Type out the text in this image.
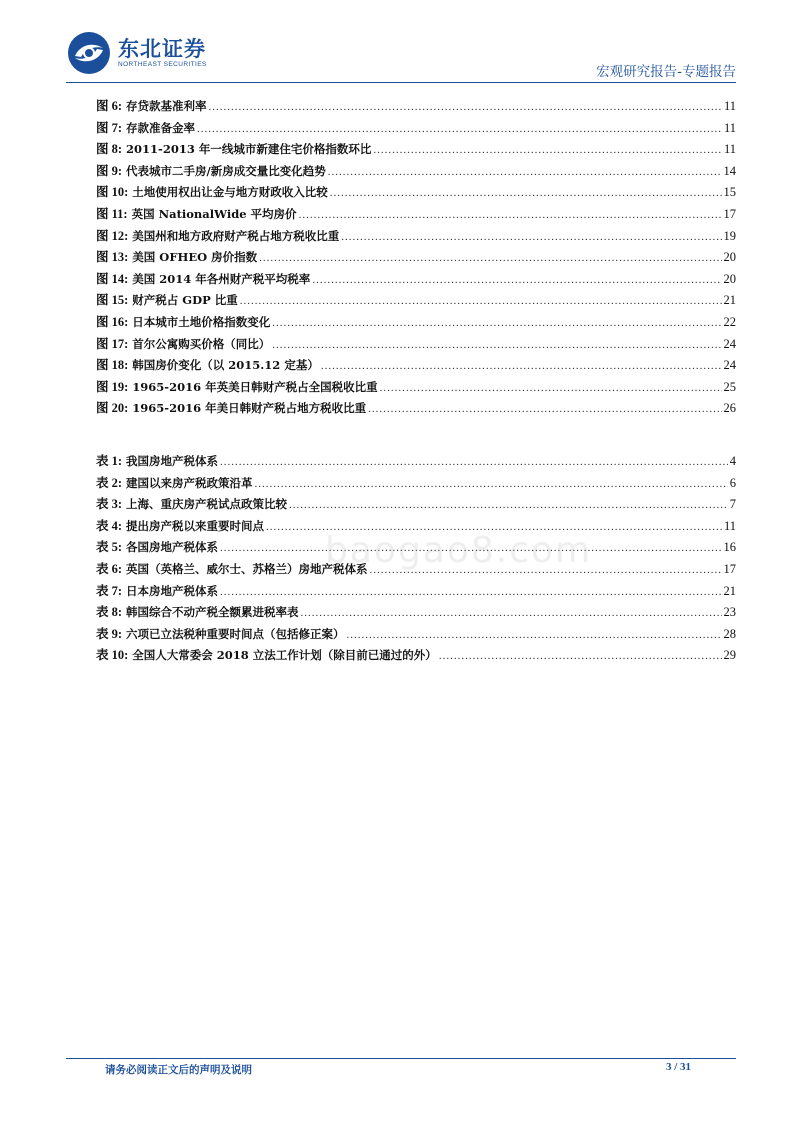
东北证券
NORTHEAST SECURITIES	宏观研究报告-专题报告
图 6: 存贷款基准利率 .....	11
图 7: 存款准备金率 .....	11
图 8: 2011-2013 年一线城市新建住宅价格指数环比 .....	11
图 9: 代表城市二手房/新房成交量比变化趋势 .....	14
图 10: 土地使用权出让金与地方财政收入比较 .....	15
图 11: 英国 NationalWide 平均房价 .....	17
图 12: 美国州和地方政府财产税占地方税收比重 .....	19
图 13: 美国 OFHEO 房价指数 .....	20
图 14: 美国 2014 年各州财产税平均税率 .....	20
图 15: 财产税占 GDP 比重 .....	21
图 16: 日本城市土地价格指数变化 .....	22
图 17: 首尔公寓购买价格（同比） .....	24
图 18: 韩国房价变化（以 2015.12 定基） .....	24
图 19: 1965-2016 年英美日韩财产税占全国税收比重 .....	25
图 20: 1965-2016 年美日韩财产税占地方税收比重 .....	26
表 1: 我国房地产税体系 .....	4
表 2: 建国以来房产税政策沿革 .....	6
表 3: 上海、重庆房产税试点政策比较 .....	7
表 4: 提出房产税以来重要时间点 .....	11
表 5: 各国房地产税体系 .....	16
表 6: 英国（英格兰、威尔士、苏格兰）房地产税体系 .....	17
表 7: 日本房地产税体系 .....	21
表 8: 韩国综合不动产税全额累进税率表 .....	23
表 9: 六项已立法税种重要时间点（包括修正案） .....	28
表 10: 全国人大常委会 2018 立法工作计划（除目前已通过的外） .....	29
baogao8.com
请务必阅读正文后的声明及说明	3 / 31
